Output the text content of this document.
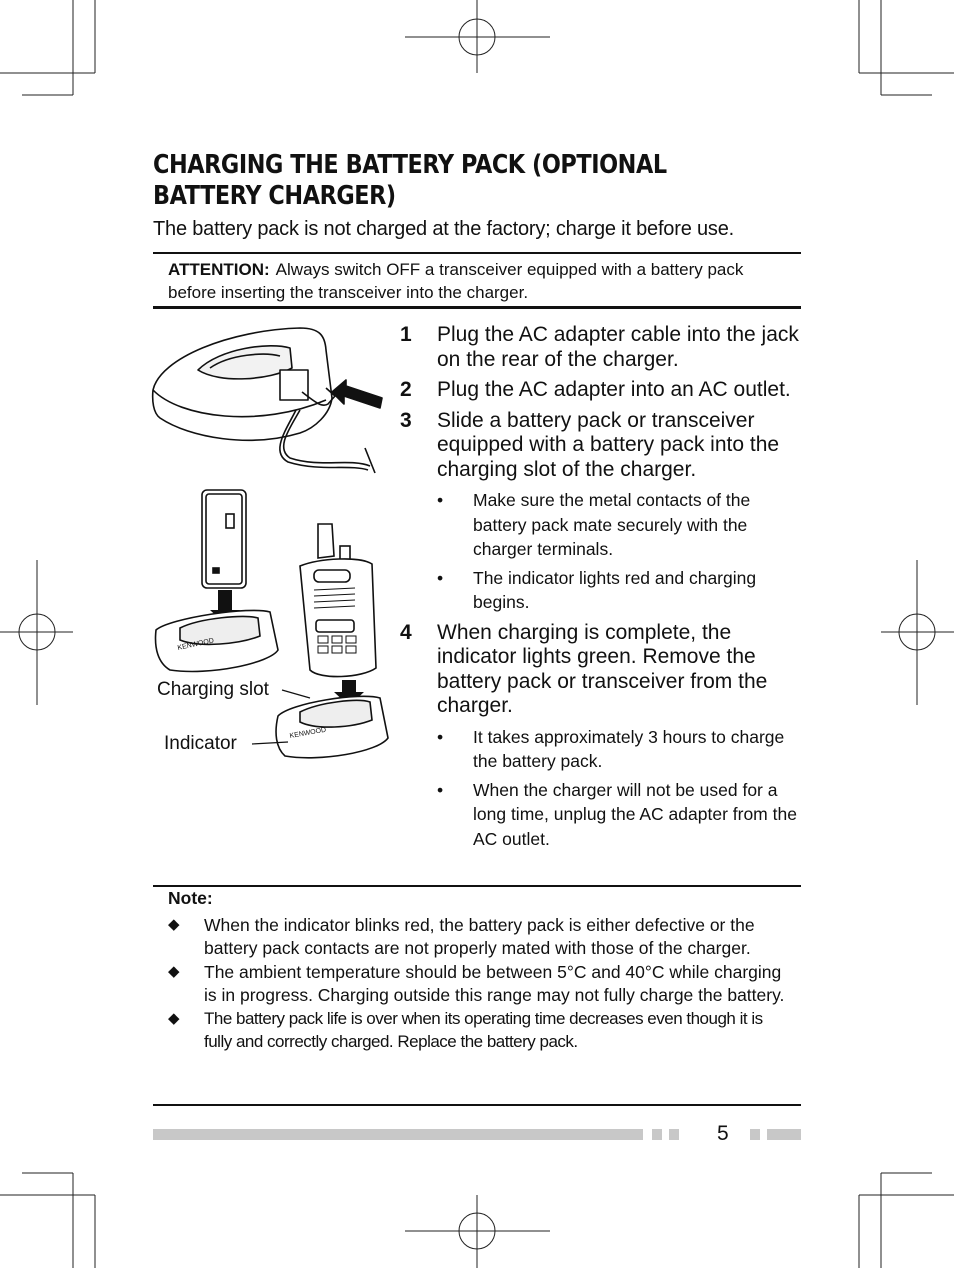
CHARGING THE BATTERY PACK (OPTIONAL BATTERY CHARGER)
The battery pack is not charged at the factory; charge it before use.
ATTENTION: Always switch OFF a transceiver equipped with a battery pack before inserting the transceiver into the charger.
KENWOOD
KENWOOD
Charging slot
Indicator
1	Plug the AC adapter cable into the jack on the rear of the charger.
2	Plug the AC adapter into an AC outlet.
3	Slide a battery pack or transceiver equipped with a battery pack into the charging slot of the charger.
•	Make sure the metal contacts of the battery pack mate securely with the charger terminals.
•	The indicator lights red and charging begins.
4	When charging is complete, the indicator lights green. Remove the battery pack or transceiver from the charger.
•	It takes approximately 3 hours to charge the battery pack.
•	When the charger will not be used for a long time, unplug the AC adapter from the AC outlet.
Note:
◆	When the indicator blinks red, the battery pack is either defective or the battery pack contacts are not properly mated with those of the charger.
◆	The ambient temperature should be between 5°C and 40°C while charging is in progress. Charging outside this range may not fully charge the battery.
◆	The battery pack life is over when its operating time decreases even though it is fully and correctly charged. Replace the battery pack.
5
